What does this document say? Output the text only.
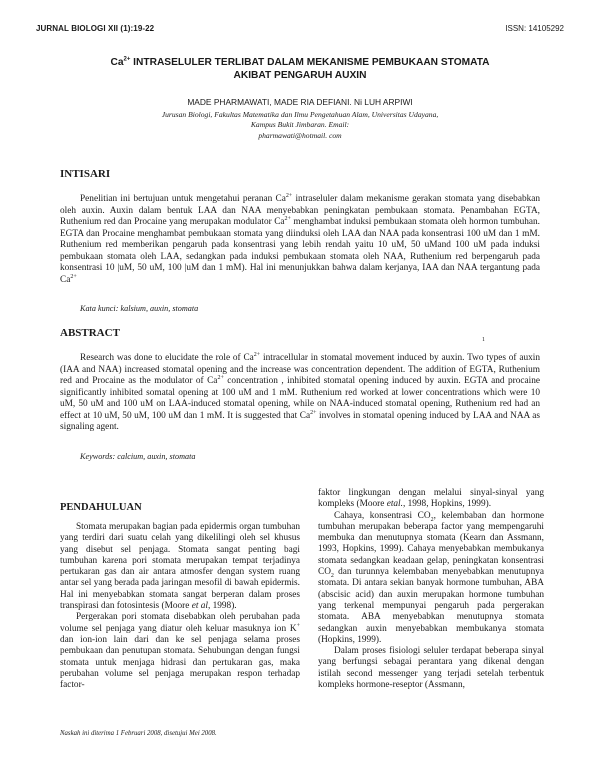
JURNAL BIOLOGI XII (1):19-22	ISSN: 14105292
$Ca^{2+}$ INTRASELULER TERLIBAT DALAM MEKANISME PEMBUKAAN STOMATA
AKIBAT PENGARUH AUXIN
MADE PHARMAWATI, MADE RIA DEFIANI. Ni LUH ARPIWI
Jurusan Biologi, Fakultas Matematika dan Ilmu Pengetahuan Alam, Universitas Udayana,
Kampus Bukit Jimbaran. Email:
pharmawati@hotmail. com
INTISARI
Penelitian ini bertujuan untuk mengetahui peranan $Ca^{2+}$ intraseluler dalam mekanisme gerakan stomata yang disebabkan oleh auxin. Auxin dalam bentuk LAA dan NAA menyebabkan peningkatan pembukaan stomata. Penambahan EGTA, Ruthenium red dan Procaine yang merupakan modulator $Ca^{2+}$ menghambat induksi pembukaan stomata oleh hormon tumbuhan. EGTA dan Procaine menghambat pembukaan stomata yang diinduksi oleh LAA dan NAA pada konsentrasi 100 uM dan 1 mM. Ruthenium red memberikan pengaruh pada konsentrasi yang lebih rendah yaitu 10 uM, 50 uMand 100 uM pada induksi pembukaan stomata oleh LAA, sedangkan pada induksi pembukaan stomata oleh NAA, Ruthenium red berpengaruh pada konsentrasi 10 |uM, 50 uM, 100 |uM dan 1 mM). Hal ini menunjukkan bahwa dalam kerjanya, IAA dan NAA tergantung pada $Ca^{2+}$
Kata kunci: kalsium, auxin, stomata
ABSTRACT
1
Research was done to elucidate the role of $Ca^{2+}$ intracellular in stomatal movement induced by auxin. Two types of auxin (IAA and NAA) increased stomatal opening and the increase was concentration dependent. The addition of EGTA, Ruthenium red and Procaine as the modulator of $Ca^{2+}$ concentration , inhibited stomatal opening induced by auxin. EGTA and procaine significantly inhibited somatal opening at 100 uM and 1 mM. Ruthenium red worked at lower concentrations which were 10 uM, 50 uM and 100 uM on LAA-induced stomatal opening, while on NAA-induced stomatal opening, Ruthenium red had an effect at 10 uM, 50 uM, 100 uM dan 1 mM. It is suggested that $Ca^{2+}$ involves in stomatal opening induced by LAA and NAA as signaling agent.
Keywords: calcium, auxin, stomata
PENDAHULUAN

Stomata merupakan bagian pada epidermis organ tumbuhan yang terdiri dari suatu celah yang dikelilingi oleh sel khusus yang disebut sel penjaga. Stomata sangat penting bagi tumbuhan karena pori stomata merupakan tempat terjadinya pertukaran gas dan air antara atmosfer dengan system ruang antar sel yang berada pada jaringan mesofil di bawah epidermis. Hal ini menyebabkan stomata sangat berperan dalam proses transpirasi dan fotosintesis (Moore et al, 1998).

Pergerakan pori stomata disebabkan oleh perubahan pada volume sel penjaga yang diatur oleh keluar masuknya ion K+ dan ion-ion lain dari dan ke sel penjaga selama proses pembukaan dan penutupan stomata. Sehubungan dengan fungsi stomata untuk menjaga hidrasi dan pertukaran gas, maka perubahan volume sel penjaga merupakan respon terhadap factor-

faktor lingkungan dengan melalui sinyal-sinyal yang kompleks (Moore etal., 1998, Hopkins, 1999).

Cahaya, konsentrasi $CO_2$, kelembaban dan hormone tumbuhan merupakan beberapa factor yang mempengaruhi membuka dan menutupnya stomata (Kearn dan Assmann, 1993, Hopkins, 1999). Cahaya menyebabkan membukanya stomata sedangkan keadaan gelap, peningkatan konsentrasi $CO_2$ dan turunnya kelembaban menyebabkan menutupnya stomata. Di antara sekian banyak hormone tumbuhan, ABA (abscisic acid) dan auxin merupakan hormone tumbuhan yang terkenal mempunyai pengaruh pada pergerakan stomata. ABA menyebabkan menutupnya stomata sedangkan auxin menyebabkan membukanya stomata (Hopkins, 1999).

Dalam proses fisiologi seluler terdapat beberapa sinyal yang berfungsi sebagai perantara yang dikenal dengan istilah second messenger yang terjadi setelah terbentuk kompleks hormone-reseptor (Assmann,

Naskah ini diterima 1 Februari 2008, disetujui Mei 2008.
